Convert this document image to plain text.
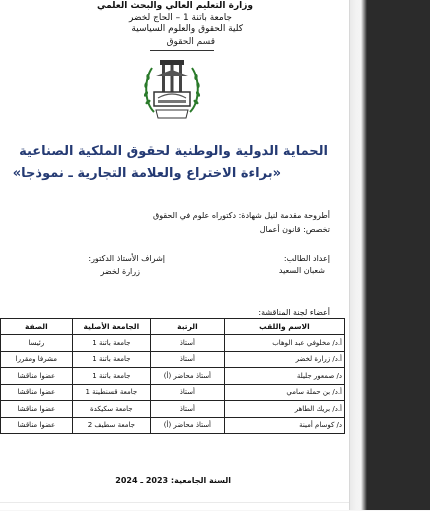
وزارة التعليم العالي والبحث العلمي
جامعة باتنة 1 – الحاج لخضر
كلية الحقوق والعلوم السياسية
قسم الحقوق
الحماية الدولية والوطنية لحقوق الملكية الصناعية
«براءة الاختراع والعلامة التجارية ـ نموذجا»
أطروحة مقدمة لنيل شهادة: دكتوراه علوم في الحقوق
تخصص: قانون أعمال
إعداد الطالب:
شعبان السعيد
إشراف الأستاذ الدكتور:
زرارة لخضر
أعضاء لجنة المناقشة:
الاسم واللقب	الرتبة	الجامعة الأصلية	الصفة
أ.د/ مخلوفي عبد الوهاب	أستاذ	جامعة باتنة 1	رئيسا
أ.د/ زرارة لخضر	أستاذ	جامعة باتنة 1	مشرفا ومقررا
د/ صمعور جليلة	أستاذ محاضر (أ)	جامعة باتنة 1	عضوا مناقشا
أ.د/ بن حملة سامي	أستاذ	جامعة قسنطينة 1	عضوا مناقشا
أ.د/ بريك الطاهر	أستاذ	جامعة سكيكدة	عضوا مناقشا
د/ كوسام أمينة	أستاذ محاضر (أ)	جامعة سطيف 2	عضوا مناقشا
السنة الجامعية: 2023 ـ 2024
